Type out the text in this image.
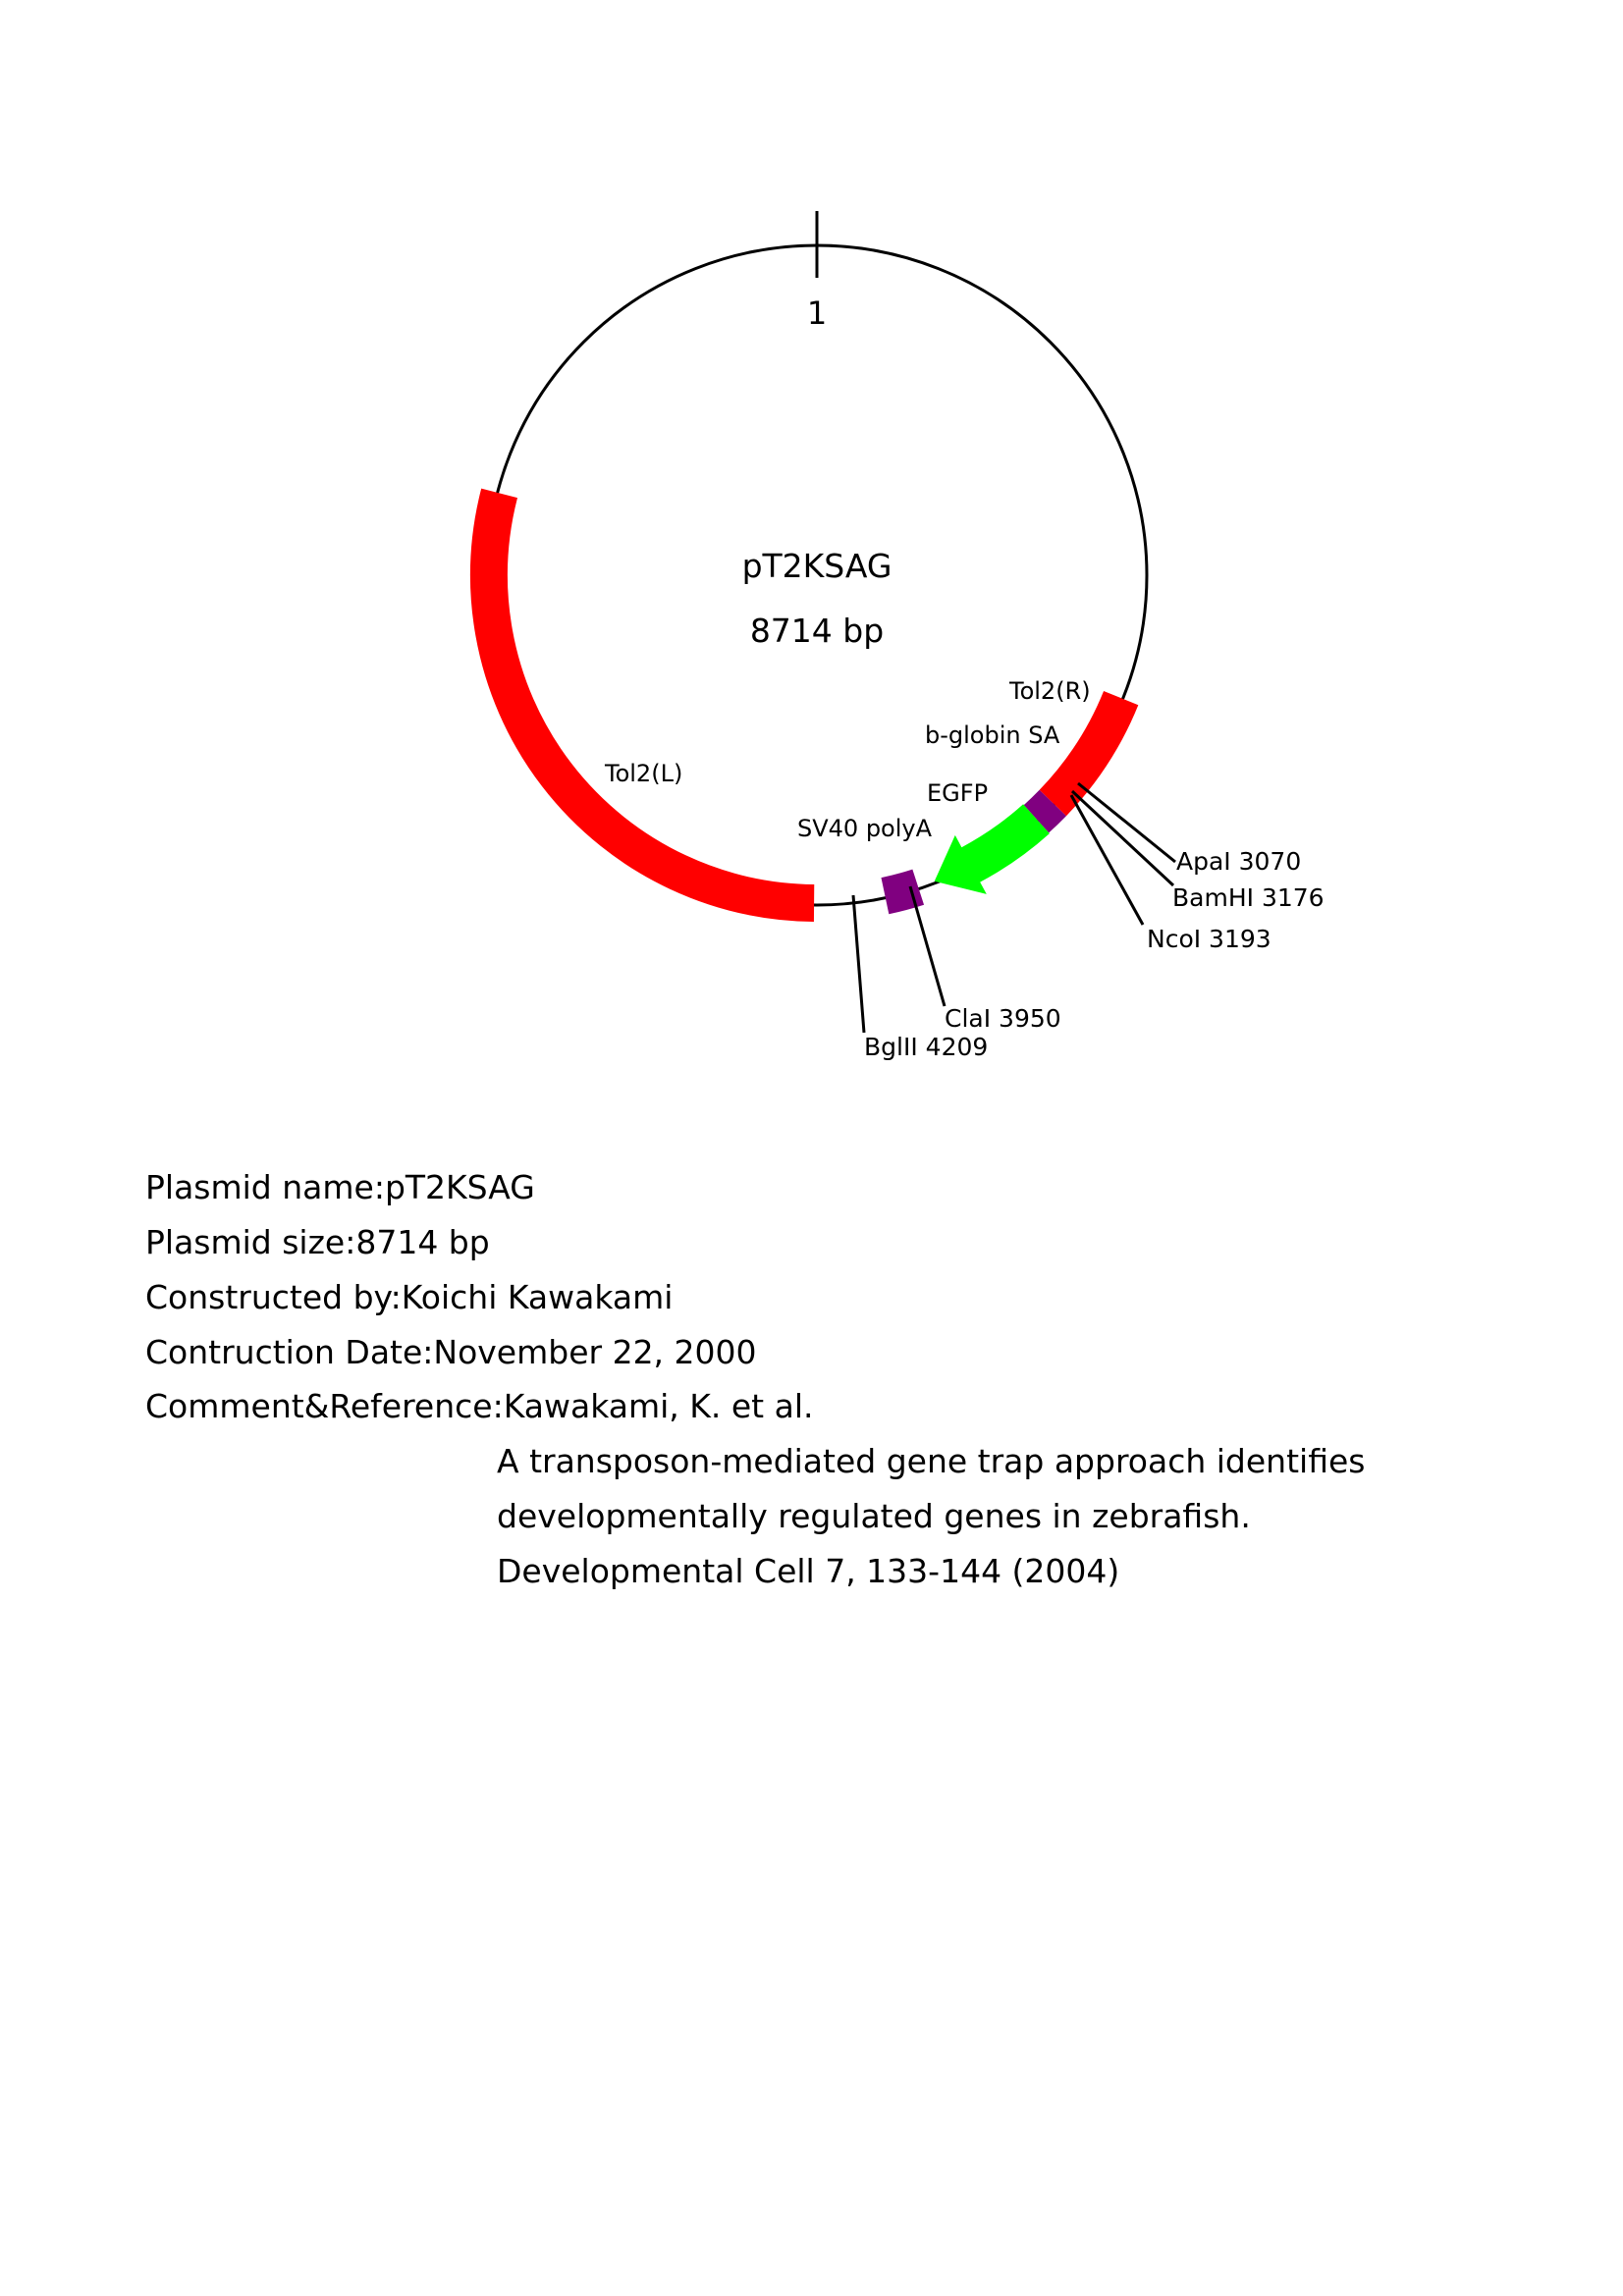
1
pT2KSAG
8714 bp
Tol2(R)
b-globin SA
EGFP
SV40 polyA
Tol2(L)
ApaI 3070
BamHI 3176
NcoI 3193
ClaI 3950
BglII 4209
Plasmid name:pT2KSAG
Plasmid size:8714 bp
Constructed by:Koichi Kawakami
Contruction Date:November 22, 2000
Comment&Reference:Kawakami, K. et al.
A transposon-mediated gene trap approach identifies
developmentally regulated genes in zebrafish.
Developmental Cell 7, 133-144 (2004)
